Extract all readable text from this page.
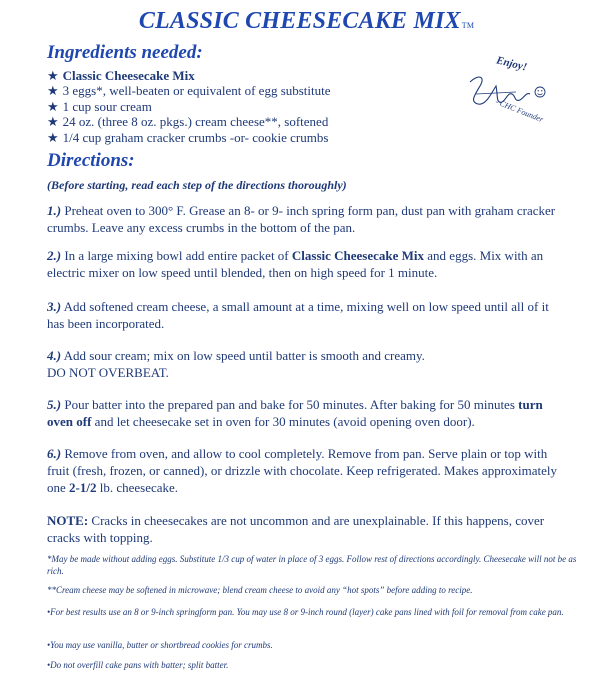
CLASSIC CHEESECAKE MIXTM
Ingredients needed:
★ Classic Cheesecake Mix
★ 3 eggs*, well-beaten or equivalent of egg substitute
★ 1 cup sour cream
★ 24 oz. (three 8 oz. pkgs.) cream cheese**, softened
★ 1/4 cup graham cracker crumbs -or- cookie crumbs
Enjoy!
- CHC Founder
Directions:
(Before starting, read each step of the directions thoroughly)
1.) Preheat oven to 300° F. Grease an 8- or 9- inch spring form pan, dust pan with graham cracker crumbs. Leave any excess crumbs in the bottom of the pan.
2.) In a large mixing bowl add entire packet of Classic Cheesecake Mix and eggs. Mix with an electric mixer on low speed until blended, then on high speed for 1 minute.
3.) Add softened cream cheese, a small amount at a time, mixing well on low speed until all of it has been incorporated.
4.) Add sour cream; mix on low speed until batter is smooth and creamy.
DO NOT OVERBEAT.
5.) Pour batter into the prepared pan and bake for 50 minutes. After baking for 50 minutes turn oven off and let cheesecake set in oven for 30 minutes (avoid opening oven door).
6.) Remove from oven, and allow to cool completely. Remove from pan. Serve plain or top with fruit (fresh, frozen, or canned), or drizzle with chocolate. Keep refrigerated. Makes approximately one 2-1/2 lb. cheesecake.
NOTE: Cracks in cheesecakes are not uncommon and are unexplainable. If this happens, cover cracks with topping.
*May be made without adding eggs. Substitute 1/3 cup of water in place of 3 eggs. Follow rest of directions accordingly. Cheesecake will not be as rich.
**Cream cheese may be softened in microwave; blend cream cheese to avoid any “hot spots” before adding to recipe.
•For best results use an 8 or 9-inch springform pan. You may use 8 or 9-inch round (layer) cake pans lined with foil for removal from cake pan.
•You may use vanilla, butter or shortbread cookies for crumbs.
•Do not overfill cake pans with batter; split batter.
